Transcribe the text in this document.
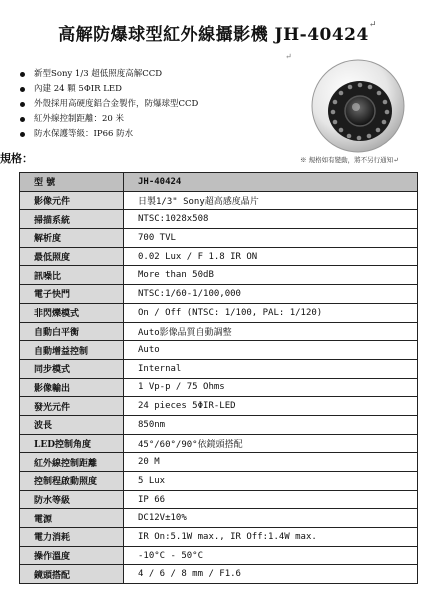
高解防爆球型紅外線攝影機 JH-40424↵
↵
新型Sony 1/3 超低照度高解CCD
內建 24 顆 5ΦIR LED
外殼採用高硬度鋁合金製作，防爆球型CCD
紅外線控制距離：20 米
防水保護等級：IP66 防水
規格：	※ 規格如有變動，將不另行通知↵
型 號	JH-40424
影像元件	日製1/3" Sony超高感度晶片
掃描系統	NTSC:1028x508
解析度	700 TVL
最低照度	0.02 Lux / F 1.8 IR ON
訊噪比	More than 50dB
電子快門	NTSC:1/60-1/100,000
非閃爍模式	On / Off (NTSC: 1/100, PAL: 1/120)
自動白平衡	Auto影像品質自動調整
自動增益控制	Auto
同步模式	Internal
影像輸出	1 Vp-p / 75 Ohms
發光元件	24 pieces 5ΦIR-LED
波長	850nm
LED控制角度	45°/60°/90°依鏡頭搭配
紅外線控制距離	20 M
控制程啟動照度	5 Lux
防水等級	IP 66
電源	DC12V±10%
電力消耗	IR On:5.1W max., IR Off:1.4W max.
操作溫度	-10°C - 50°C
鏡頭搭配	4 / 6 / 8 mm / F1.6
